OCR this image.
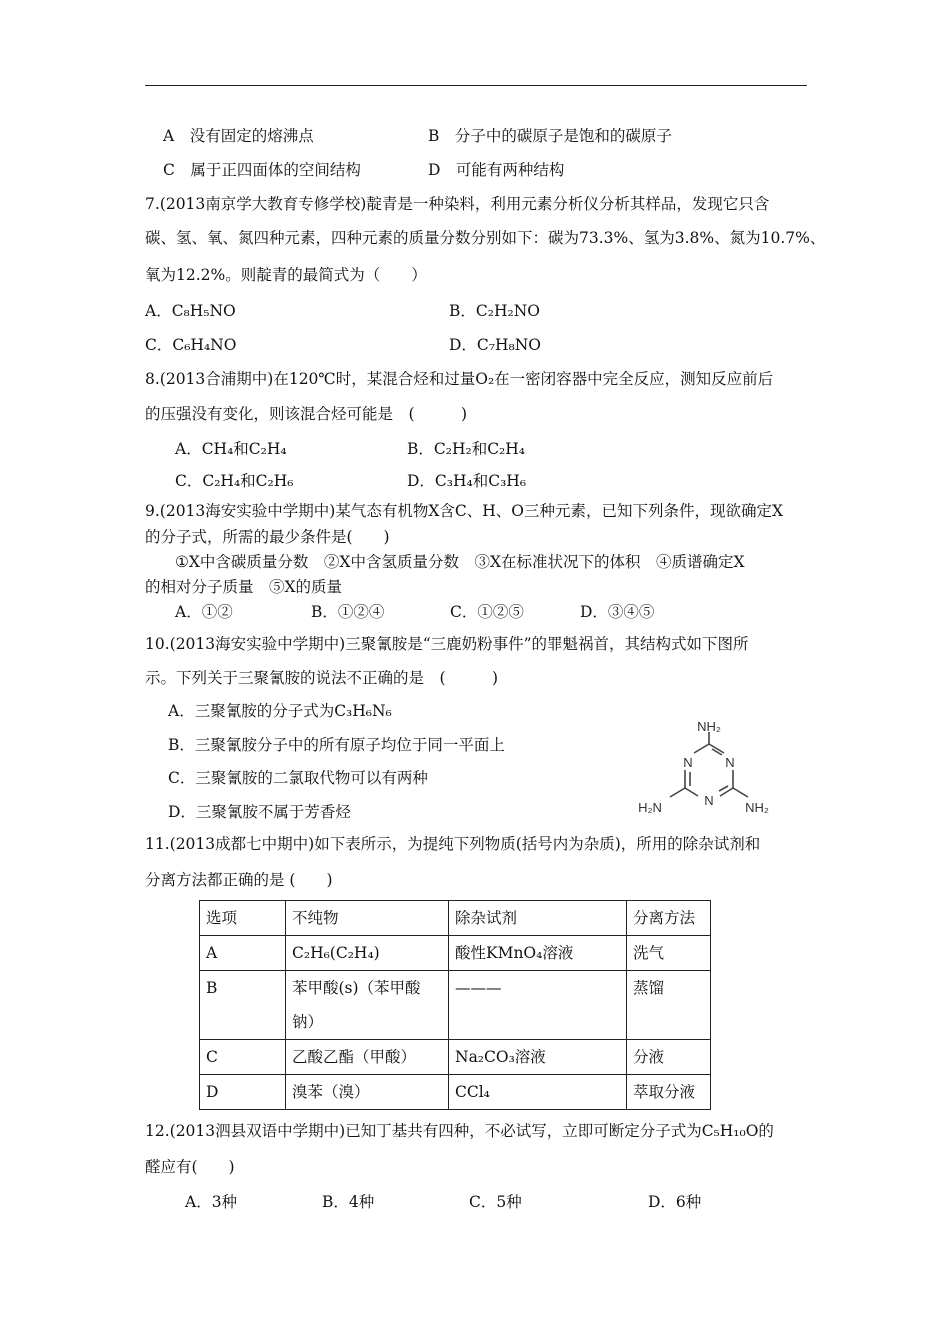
A　没有固定的熔沸点	B　分子中的碳原子是饱和的碳原子
C　属于正四面体的空间结构	D　可能有两种结构
7.(2013南京学大教育专修学校)靛青是一种染料，利用元素分析仪分析其样品，发现它只含
碳、氢、氧、氮四种元素，四种元素的质量分数分别如下：碳为73.3%、氢为3.8%、氮为10.7%、
氧为12.2%。则靛青的最简式为（　　）
A．C₈H₅NO	B．C₂H₂NO
C．C₆H₄NO	D．C₇H₈NO
8.(2013合浦期中)在120℃时，某混合烃和过量O₂在一密闭容器中完全反应，测知反应前后
的压强没有变化，则该混合烃可能是　(　　　)
A．CH₄和C₂H₄	B．C₂H₂和C₂H₄
C．C₂H₄和C₂H₆	D．C₃H₄和C₃H₆
9.(2013海安实验中学期中)某气态有机物X含C、H、O三种元素，已知下列条件，现欲确定X
的分子式，所需的最少条件是(　　)
①X中含碳质量分数　②X中含氢质量分数　③X在标准状况下的体积　④质谱确定X
的相对分子质量　⑤X的质量
A．①②	B．①②④	C．①②⑤	D．③④⑤
10.(2013海安实验中学期中)三聚氰胺是“三鹿奶粉事件”的罪魁祸首，其结构式如下图所
示。下列关于三聚氰胺的说法不正确的是　(　　　)
A．三聚氰胺的分子式为C₃H₆N₆
B．三聚氰胺分子中的所有原子均位于同一平面上
C．三聚氰胺的二氯取代物可以有两种
D．三聚氰胺不属于芳香烃
NH₂
N
N
N
NH₂
H₂N
11.(2013成都七中期中)如下表所示，为提纯下列物质(括号内为杂质)，所用的除杂试剂和
分离方法都正确的是 (　　)
选项	不纯物	除杂试剂	分离方法
A	C₂H₆(C₂H₄)	酸性KMnO₄溶液	洗气
B	苯甲酸(s)（苯甲酸钠）	———	蒸馏
C	乙酸乙酯（甲酸）	Na₂CO₃溶液	分液
D	溴苯（溴）	CCl₄	萃取分液
12.(2013泗县双语中学期中)已知丁基共有四种，不必试写，立即可断定分子式为C₅H₁₀O的
醛应有(　　)
A．3种	B．4种	C．5种	D．6种
